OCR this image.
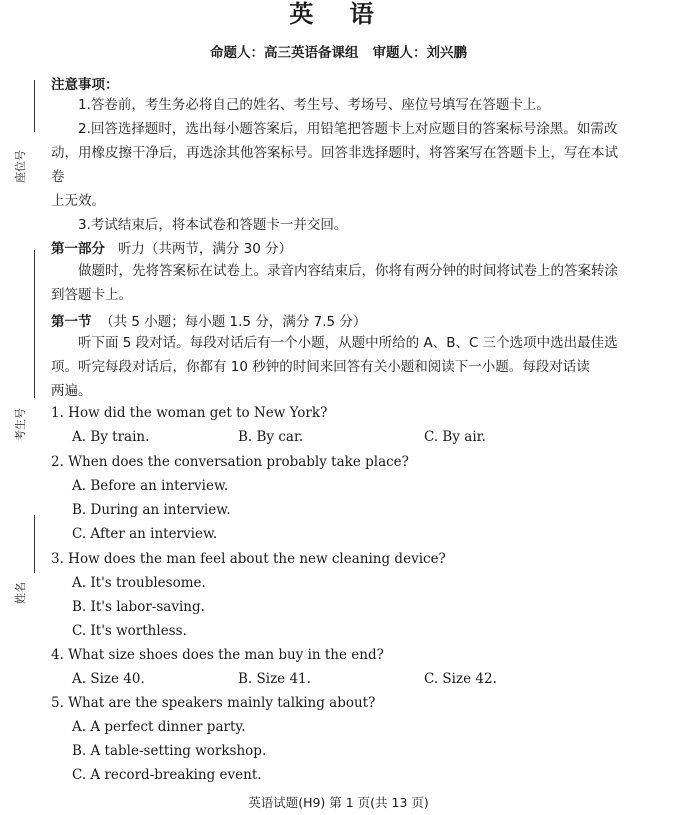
英 语
命题人：高三英语备课组 审题人：刘兴鹏
座位号
考生号
姓名
注意事项：
1.答卷前，考生务必将自己的姓名、考生号、考场号、座位号填写在答题卡上。
2.回答选择题时，选出每小题答案后，用铅笔把答题卡上对应题目的答案标号涂黑。如需改
动，用橡皮擦干净后，再选涂其他答案标号。回答非选择题时，将答案写在答题卡上，写在本试卷
上无效。
3.考试结束后，将本试卷和答题卡一并交回。
第一部分 听力（共两节，满分 30 分）
做题时，先将答案标在试卷上。录音内容结束后，你将有两分钟的时间将试卷上的答案转涂
到答题卡上。
第一节 （共 5 小题；每小题 1.5 分，满分 7.5 分）
听下面 5 段对话。每段对话后有一个小题，从题中所给的 A、B、C 三个选项中选出最佳选
项。听完每段对话后，你都有 10 秒钟的时间来回答有关小题和阅读下一小题。每段对话读
两遍。
1. How did the woman get to New York?
A. By train.	B. By car.	C. By air.
2. When does the conversation probably take place?
A. Before an interview.
B. During an interview.
C. After an interview.
3. How does the man feel about the new cleaning device?
A. It's troublesome.
B. It's labor-saving.
C. It's worthless.
4. What size shoes does the man buy in the end?
A. Size 40.	B. Size 41.	C. Size 42.
5. What are the speakers mainly talking about?
A. A perfect dinner party.
B. A table-setting workshop.
C. A record-breaking event.
英语试题(H9) 第 1 页(共 13 页)
